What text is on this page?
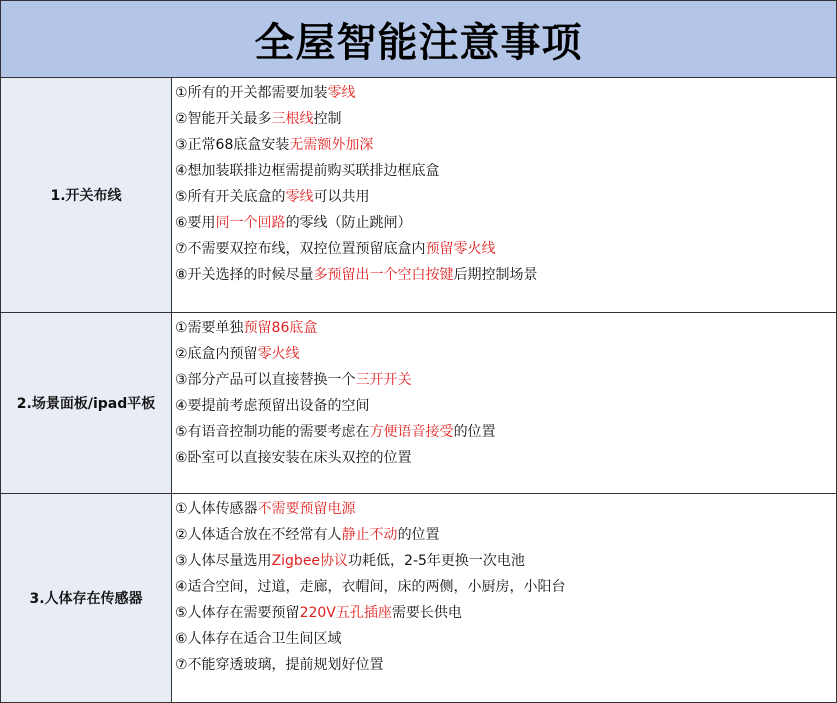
全屋智能注意事项
1.开关布线
①所有的开关都需要加装零线
②智能开关最多三根线控制
③正常68底盒安装无需额外加深
④想加装联排边框需提前购买联排边框底盒
⑤所有开关底盒的零线可以共用
⑥要用同一个回路的零线（防止跳闸）
⑦不需要双控布线，双控位置预留底盒内预留零火线
⑧开关选择的时候尽量多预留出一个空白按键后期控制场景
2.场景面板/ipad平板
①需要单独预留86底盒
②底盒内预留零火线
③部分产品可以直接替换一个三开开关
④要提前考虑预留出设备的空间
⑤有语音控制功能的需要考虑在方便语音接受的位置
⑥卧室可以直接安装在床头双控的位置
3.人体存在传感器
①人体传感器不需要预留电源
②人体适合放在不经常有人静止不动的位置
③人体尽量选用Zigbee协议功耗低，2-5年更换一次电池
④适合空间，过道，走廊，衣帽间，床的两侧，小厨房，小阳台
⑤人体存在需要预留220V五孔插座需要长供电
⑥人体存在适合卫生间区域
⑦不能穿透玻璃，提前规划好位置
